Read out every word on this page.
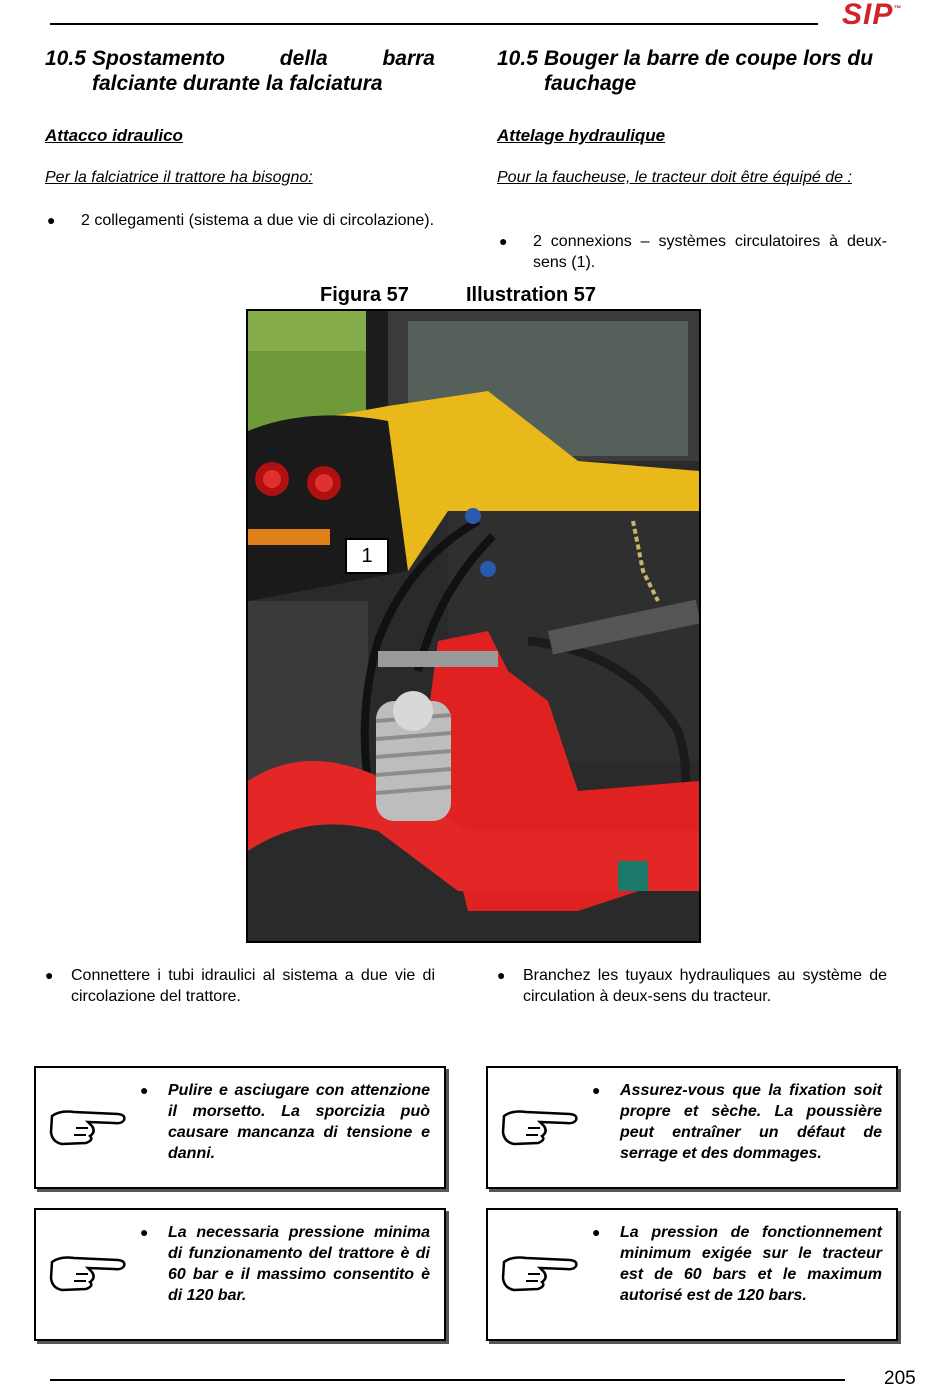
SIP™
10.5 Spostamento della barra
falciante durante la falciatura
10.5 Bouger la barre de coupe lors du
fauchage
Attacco idraulico	Attelage hydraulique
Per la falciatrice il trattore ha bisogno:	Pour la faucheuse, le tracteur doit être équipé de :
● 2 collegamenti (sistema a due vie di circolazione).
● 2 connexions – systèmes circulatoires à deux-sens (1).
Figura 57	Illustration 57
1
● Connettere i tubi idraulici al sistema a due vie di circolazione del trattore.
● Branchez les tuyaux hydrauliques au système de circulation à deux-sens du tracteur.
● Pulire e asciugare con attenzione il morsetto. La sporcizia può causare mancanza di tensione e danni.
● Assurez-vous que la fixation soit propre et sèche. La poussière peut entraîner un défaut de serrage et des dommages.
● La necessaria pressione minima di funzionamento del trattore è di 60 bar e il massimo consentito è di 120 bar.
● La pression de fonctionnement minimum exigée sur le tracteur est de 60 bars et le maximum autorisé est de 120 bars.
205
